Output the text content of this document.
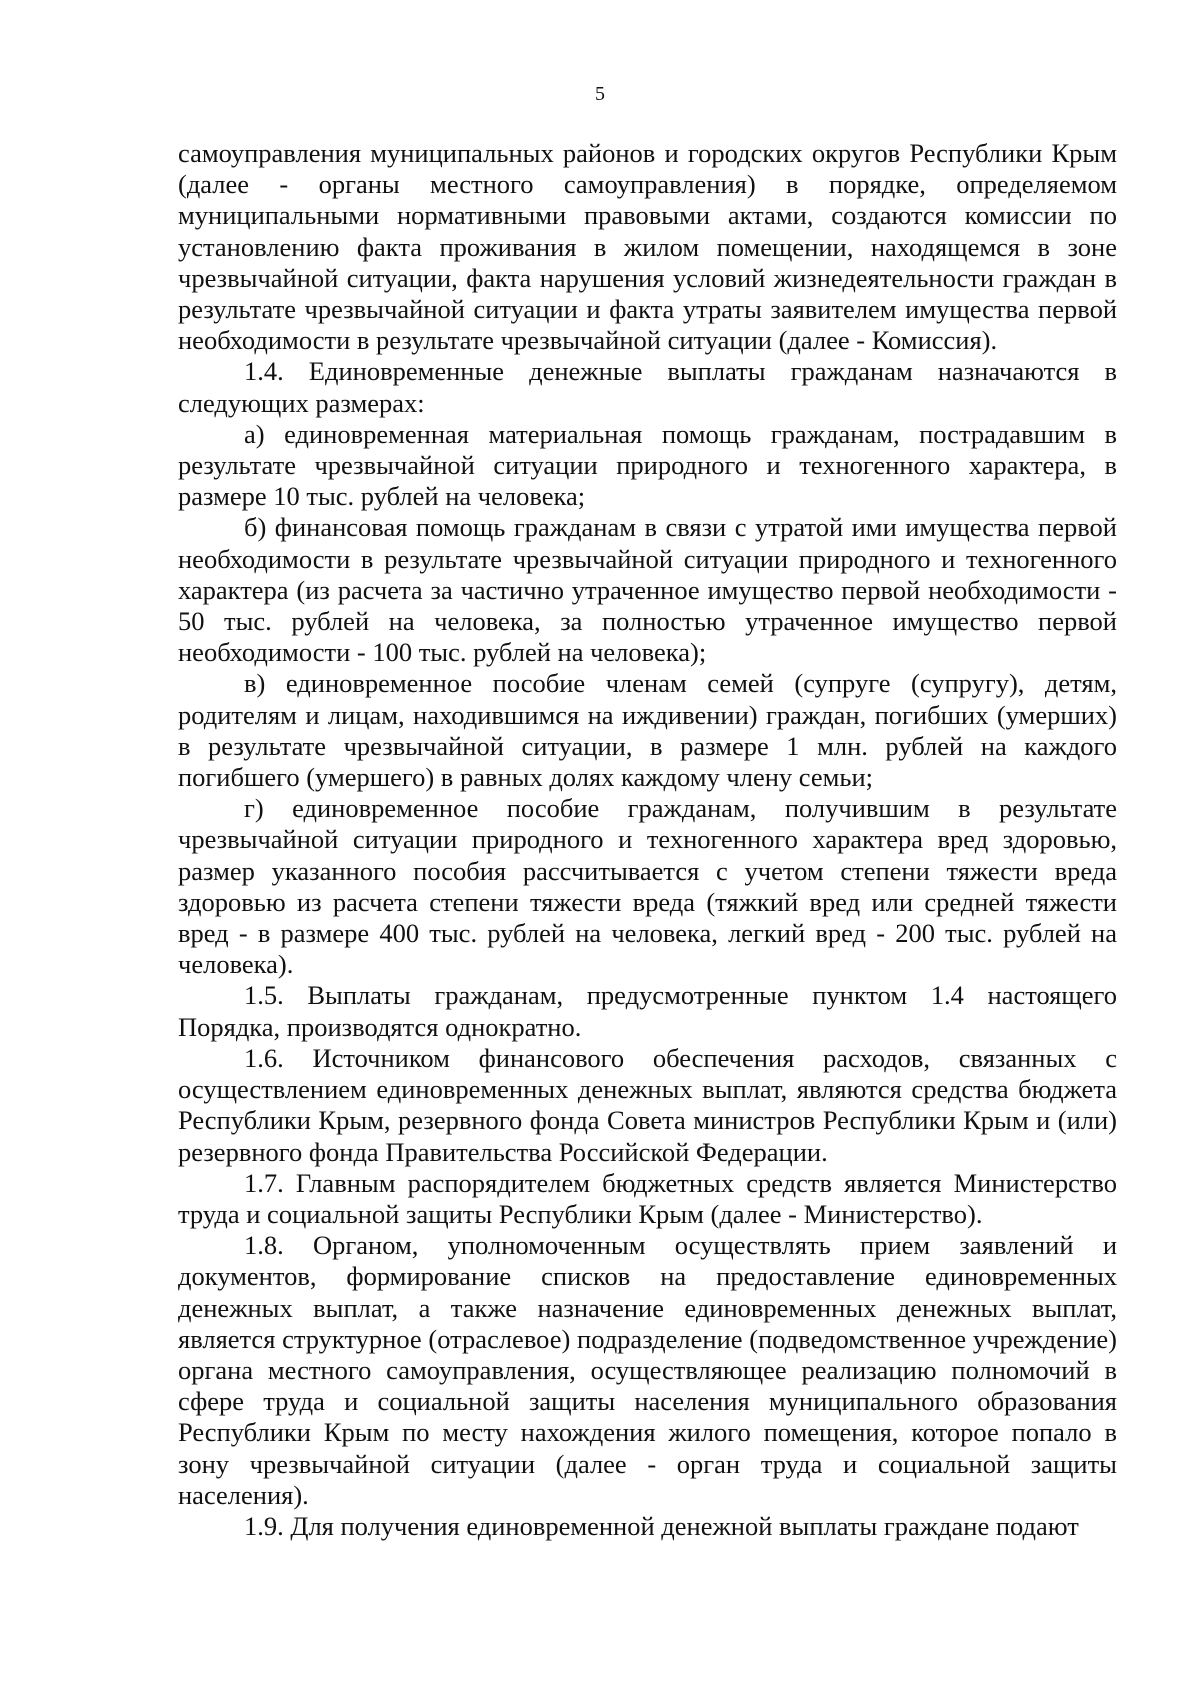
5

самоуправления муниципальных районов и городских округов Республики Крым (далее - органы местного самоуправления) в порядке, определяемом муниципальными нормативными правовыми актами, создаются комиссии по установлению факта проживания в жилом помещении, находящемся в зоне чрезвычайной ситуации, факта нарушения условий жизнедеятельности граждан в результате чрезвычайной ситуации и факта утраты заявителем имущества первой необходимости в результате чрезвычайной ситуации (далее - Комиссия).

1.4. Единовременные денежные выплаты гражданам назначаются в следующих размерах:

а) единовременная материальная помощь гражданам, пострадавшим в результате чрезвычайной ситуации природного и техногенного характера, в размере 10 тыс. рублей на человека;

б) финансовая помощь гражданам в связи с утратой ими имущества первой необходимости в результате чрезвычайной ситуации природного и техногенного характера (из расчета за частично утраченное имущество первой необходимости - 50 тыс. рублей на человека, за полностью утраченное имущество первой необходимости - 100 тыс. рублей на человека);

в) единовременное пособие членам семей (супруге (супругу), детям, родителям и лицам, находившимся на иждивении) граждан, погибших (умерших) в результате чрезвычайной ситуации, в размере 1 млн. рублей на каждого погибшего (умершего) в равных долях каждому члену семьи;

г) единовременное пособие гражданам, получившим в результате чрезвычайной ситуации природного и техногенного характера вред здоровью, размер указанного пособия рассчитывается с учетом степени тяжести вреда здоровью из расчета степени тяжести вреда (тяжкий вред или средней тяжести вред - в размере 400 тыс. рублей на человека, легкий вред - 200 тыс. рублей на человека).

1.5. Выплаты гражданам, предусмотренные пунктом 1.4 настоящего Порядка, производятся однократно.

1.6. Источником финансового обеспечения расходов, связанных с осуществлением единовременных денежных выплат, являются средства бюджета Республики Крым, резервного фонда Совета министров Республики Крым и (или) резервного фонда Правительства Российской Федерации.

1.7. Главным распорядителем бюджетных средств является Министерство труда и социальной защиты Республики Крым (далее - Министерство).

1.8. Органом, уполномоченным осуществлять прием заявлений и документов, формирование списков на предоставление единовременных денежных выплат, а также назначение единовременных денежных выплат, является структурное (отраслевое) подразделение (подведомственное учреждение) органа местного самоуправления, осуществляющее реализацию полномочий в сфере труда и социальной защиты населения муниципального образования Республики Крым по месту нахождения жилого помещения, которое попало в зону чрезвычайной ситуации (далее - орган труда и социальной защиты населения).

1.9. Для получения единовременной денежной выплаты граждане подают
